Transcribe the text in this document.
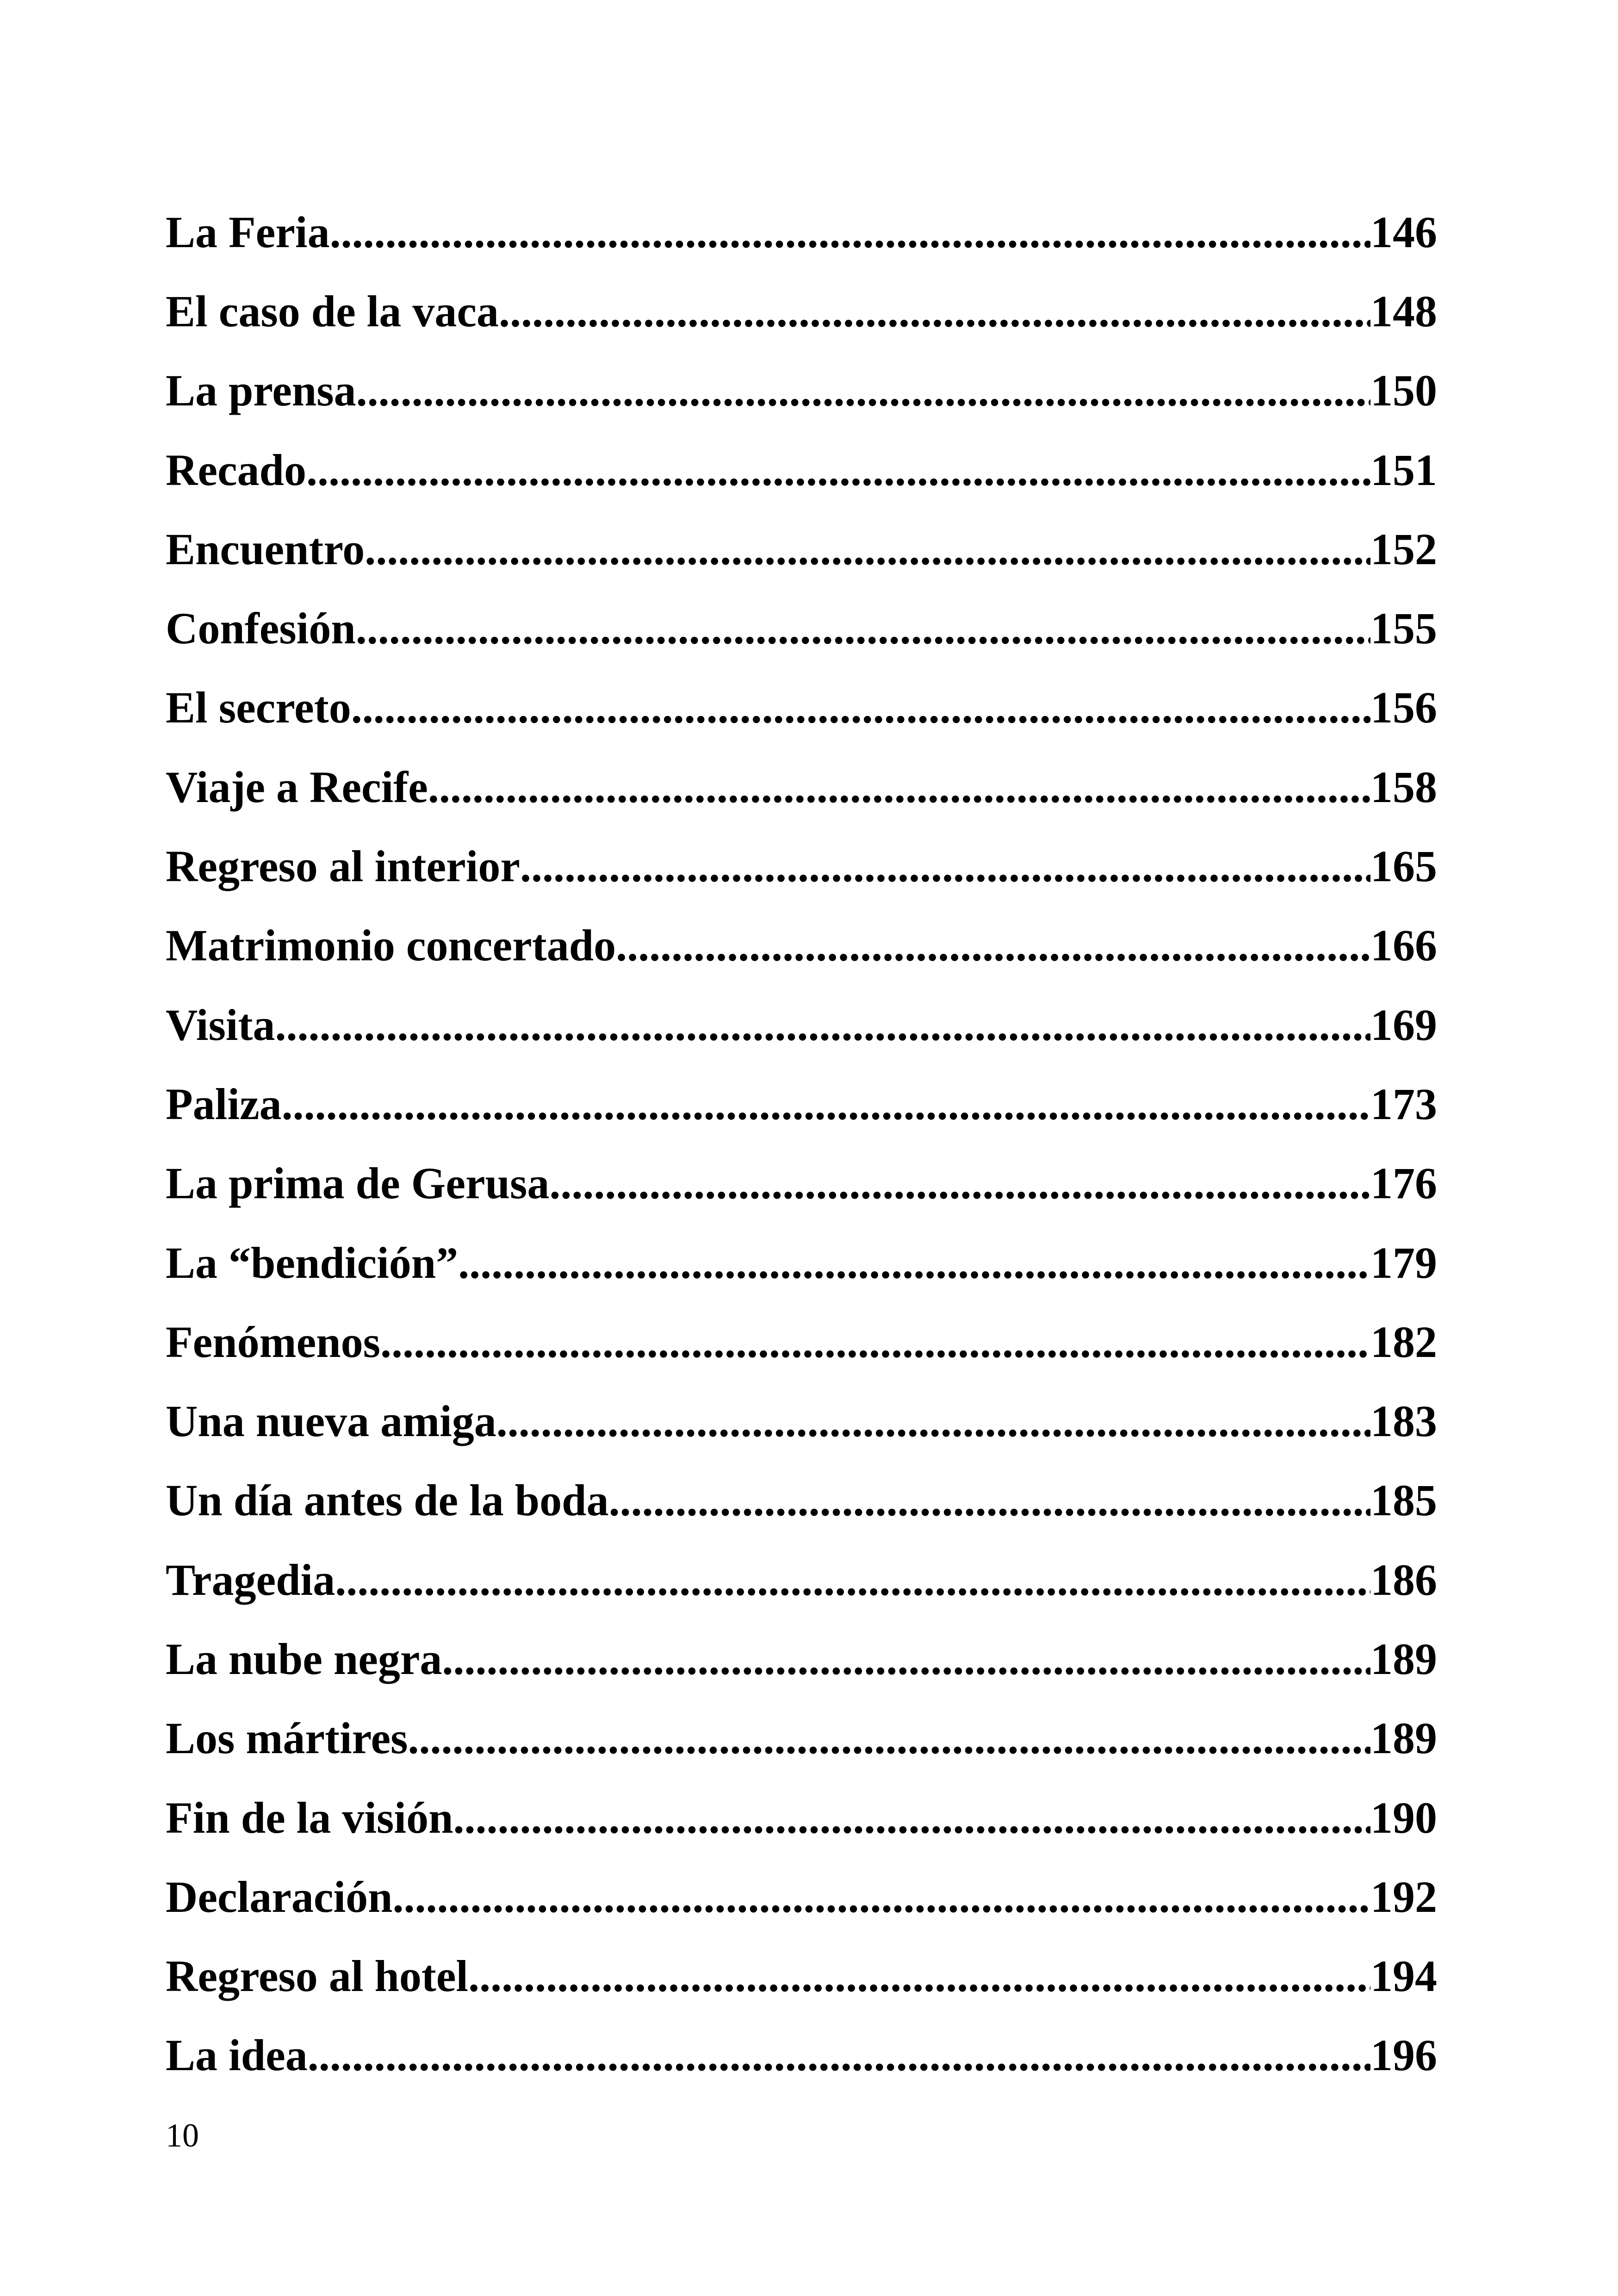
La Feria .....	146
El caso de la vaca .....	148
La prensa .....	150
Recado .....	151
Encuentro .....	152
Confesión .....	155
El secreto .....	156
Viaje a Recife .....	158
Regreso al interior .....	165
Matrimonio concertado .....	166
Visita .....	169
Paliza .....	173
La prima de Gerusa .....	176
La “bendición” .....	179
Fenómenos .....	182
Una nueva amiga .....	183
Un día antes de la boda .....	185
Tragedia .....	186
La nube negra .....	189
Los mártires .....	189
Fin de la visión .....	190
Declaración .....	192
Regreso al hotel .....	194
La idea .....	196
10
